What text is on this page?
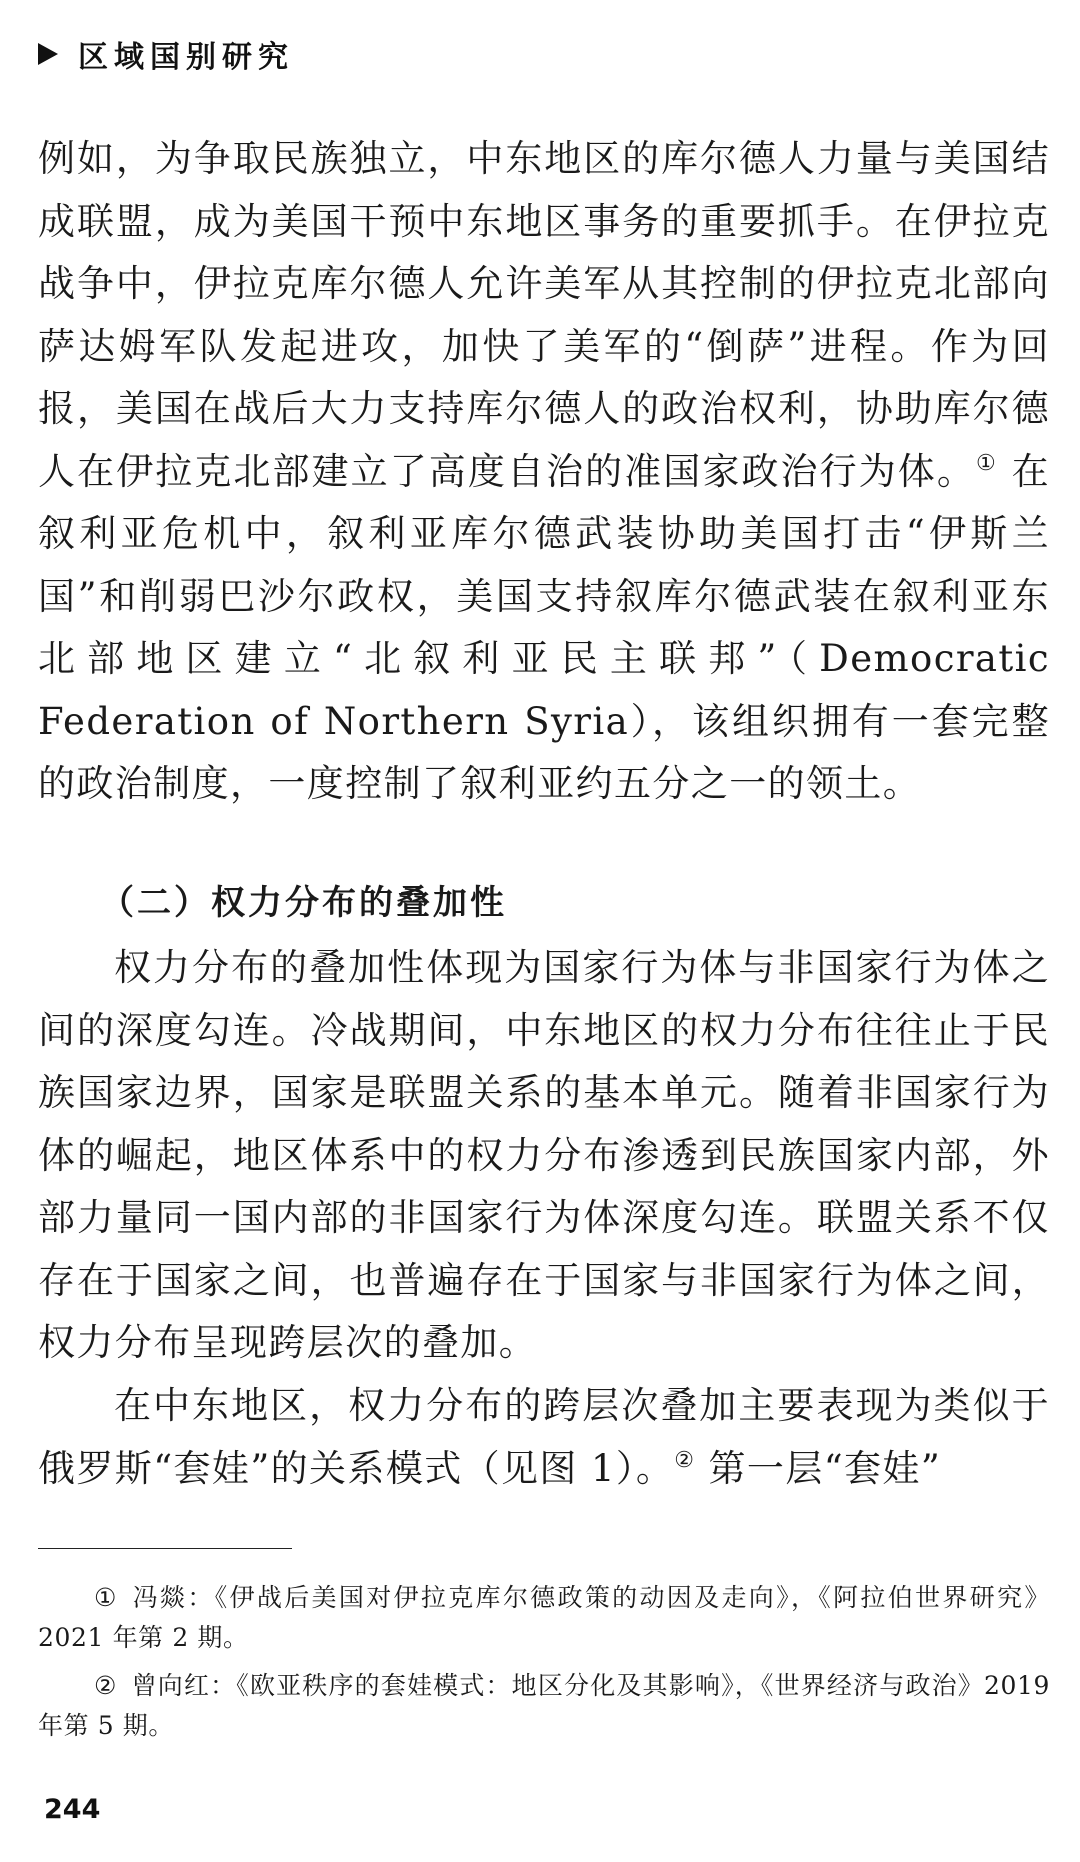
区域国别研究

例如，为争取民族独立，中东地区的库尔德人力量与美国结成联盟，成为美国干预中东地区事务的重要抓手。在伊拉克战争中，伊拉克库尔德人允许美军从其控制的伊拉克北部向萨达姆军队发起进攻，加快了美军的“倒萨”进程。作为回报，美国在战后大力支持库尔德人的政治权利，协助库尔德人在伊拉克北部建立了高度自治的准国家政治行为体。① 在叙利亚危机中，叙利亚库尔德武装协助美国打击“伊斯兰国”和削弱巴沙尔政权，美国支持叙库尔德武装在叙利亚东北部地区建立“北叙利亚民主联邦”（Democratic Federation of Northern Syria），该组织拥有一套完整的政治制度，一度控制了叙利亚约五分之一的领土。

（二）权力分布的叠加性

权力分布的叠加性体现为国家行为体与非国家行为体之间的深度勾连。冷战期间，中东地区的权力分布往往止于民族国家边界，国家是联盟关系的基本单元。随着非国家行为体的崛起，地区体系中的权力分布渗透到民族国家内部，外部力量同一国内部的非国家行为体深度勾连。联盟关系不仅存在于国家之间，也普遍存在于国家与非国家行为体之间，权力分布呈现跨层次的叠加。

在中东地区，权力分布的跨层次叠加主要表现为类似于俄罗斯“套娃”的关系模式（见图 1）。② 第一层“套娃”

① 冯燚：《伊战后美国对伊拉克库尔德政策的动因及走向》，《阿拉伯世界研究》2021 年第 2 期。

② 曾向红：《欧亚秩序的套娃模式：地区分化及其影响》，《世界经济与政治》2019 年第 5 期。

244
